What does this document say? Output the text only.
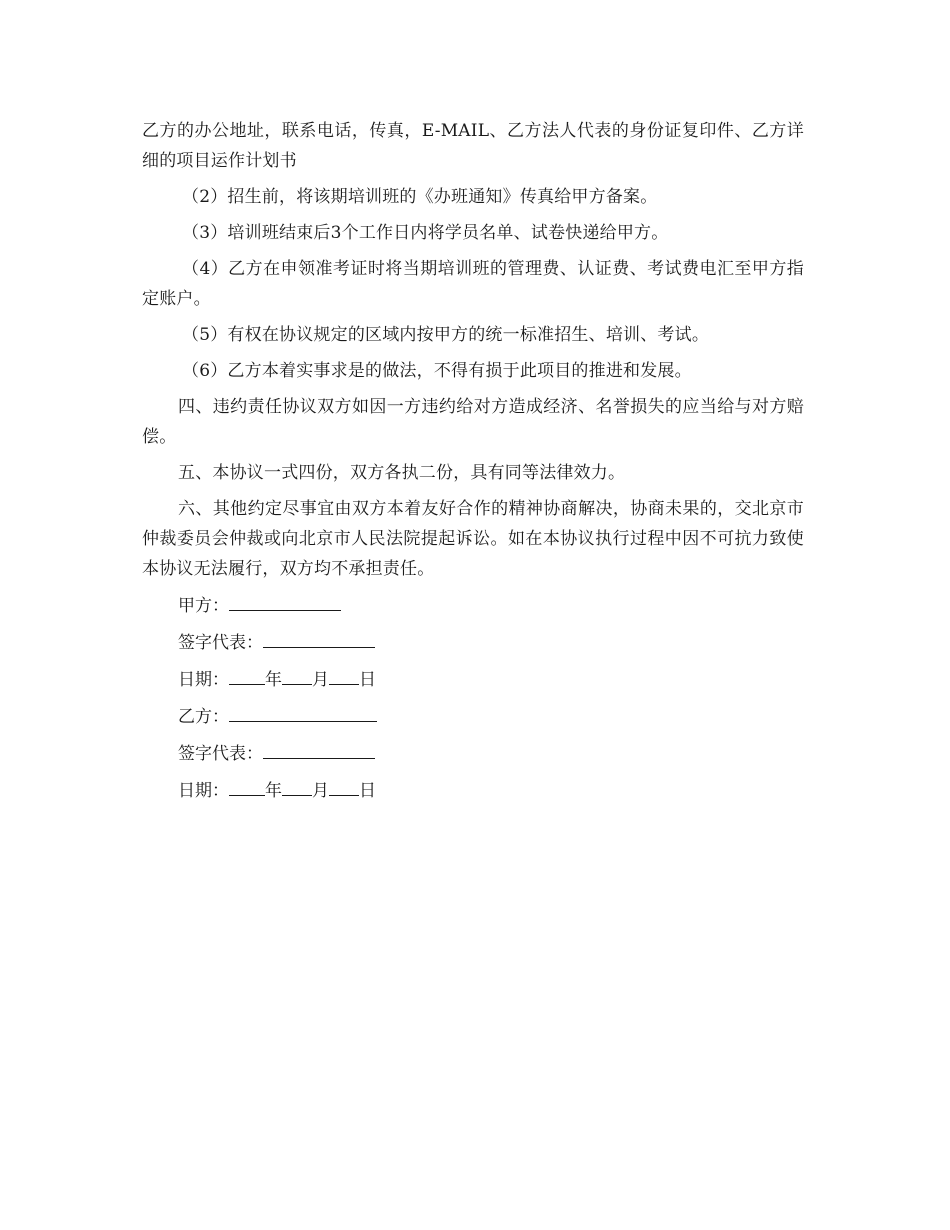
乙方的办公地址，联系电话，传真，E-MAIL、乙方法人代表的身份证复印件、乙方详细的项目运作计划书

（2）招生前，将该期培训班的《办班通知》传真给甲方备案。

（3）培训班结束后3个工作日内将学员名单、试卷快递给甲方。

（4）乙方在申领准考证时将当期培训班的管理费、认证费、考试费电汇至甲方指定账户。

（5）有权在协议规定的区域内按甲方的统一标准招生、培训、考试。

（6）乙方本着实事求是的做法，不得有损于此项目的推进和发展。

四、违约责任协议双方如因一方违约给对方造成经济、名誉损失的应当给与对方赔偿。

五、本协议一式四份，双方各执二份，具有同等法律效力。

六、其他约定尽事宜由双方本着友好合作的精神协商解决，协商未果的，交北京市仲裁委员会仲裁或向北京市人民法院提起诉讼。如在本协议执行过程中因不可抗力致使本协议无法履行，双方均不承担责任。

甲方：
签字代表：
日期： 年 月 日
乙方：
签字代表：
日期： 年 月 日
